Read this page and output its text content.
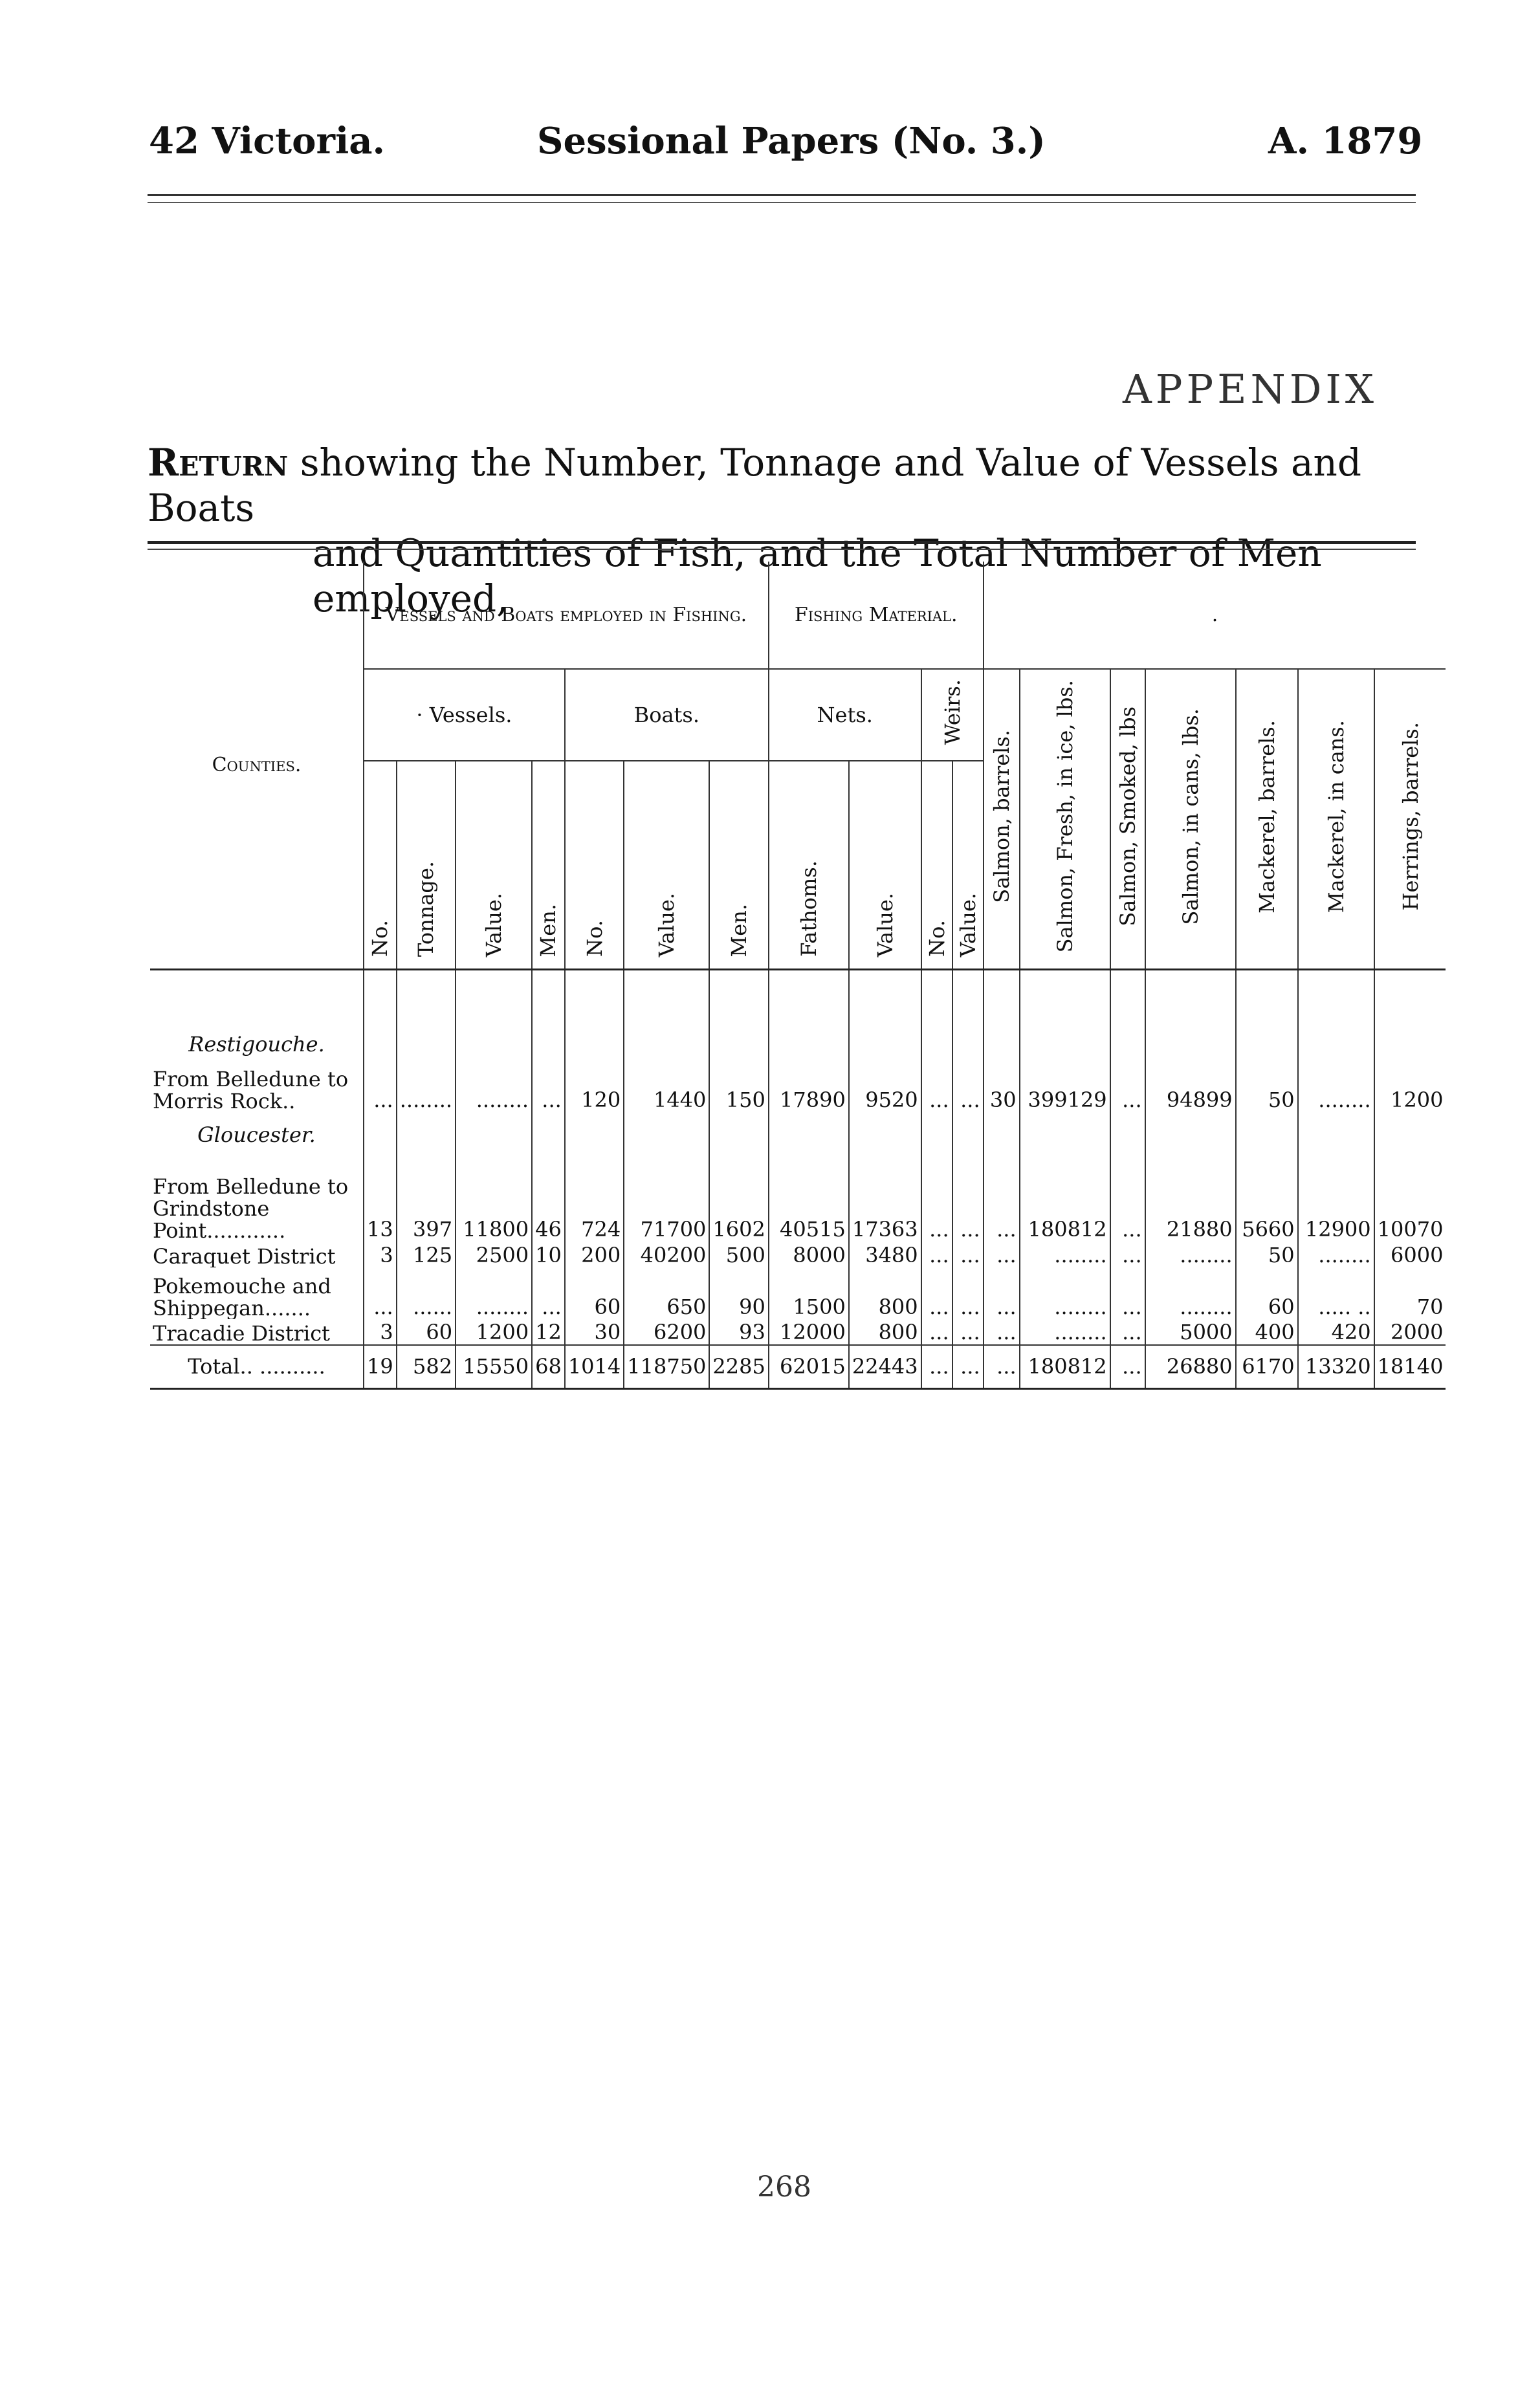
42 Victoria.	Sessional Papers (No. 3.)	A. 1879
APPENDIX
Return showing the Number, Tonnage and Value of Vessels and Boats
and Quantities of Fish, and the Total Number of Men employed,
Counties.	Vessels and Boats employed in Fishing.							Fishing Material.				.						
	· Vessels.				Boats.			Nets.		Weirs.		Salmon, barrels.	Salmon, Fresh, in ice, lbs.	Salmon, Smoked, lbs	Salmon, in cans, lbs.	Mackerel, barrels.	Mackerel, in cans.	Herrings, barrels.
	No.	Tonnage.	Value.	Men.	No.	Value.	Men.	Fathoms.	Value.	No.	Value.							

Restigouche.																		
From Belledune to Morris Rock..	...	........	........	...	120	1440	150	17890	9520	...	...	30	399129	...	94899	50	........	1200
Gloucester.																		
From Belledune to Grindstone Point............	13	397	11800	46	724	71700	1602	40515	17363	...	...	...	180812	...	21880	5660	12900	10070
Caraquet District	3	125	2500	10	200	40200	500	8000	3480	...	...	...	........	...	........	50	........	6000
Pokemouche and Shippegan.......	...	......	........	...	60	650	90	1500	800	...	...	...	........	...	........	60	..... ..	70
Tracadie District	3	60	1200	12	30	6200	93	12000	800	...	...	...	........	...	5000	400	420	2000
Total.. ..........	19	582	15550	68	1014	118750	2285	62015	22443	...	...	...	180812	...	26880	6170	13320	18140
268
